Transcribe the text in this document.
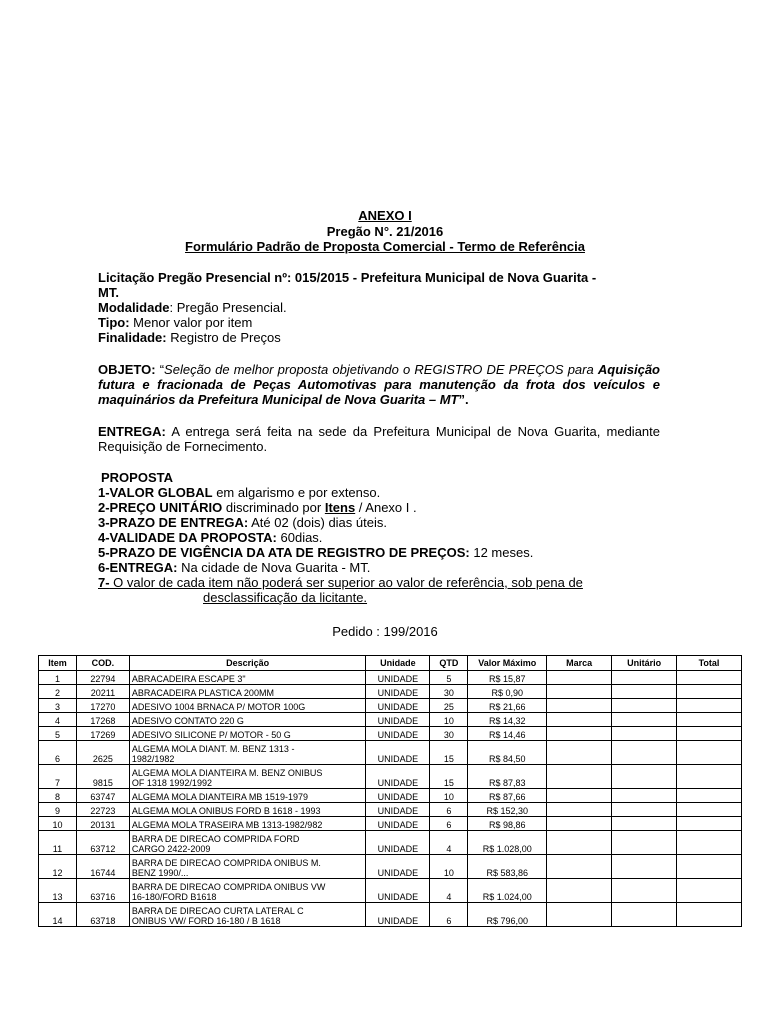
ANEXO I
Pregão N°. 21/2016
Formulário Padrão de Proposta Comercial - Termo de Referência
Licitação Pregão Presencial nº: 015/2015 - Prefeitura Municipal de Nova Guarita -
MT.
Modalidade: Pregão Presencial.
Tipo: Menor valor por item
Finalidade: Registro de Preços
OBJETO: “Seleção de melhor proposta objetivando o REGISTRO DE PREÇOS para Aquisição futura e fracionada de Peças Automotivas para manutenção da frota dos veículos e maquinários da Prefeitura Municipal de Nova Guarita – MT”.
ENTREGA: A entrega será feita na sede da Prefeitura Municipal de Nova Guarita, mediante Requisição de Fornecimento.
PROPOSTA
1-VALOR GLOBAL em algarismo e por extenso.
2-PREÇO UNITÁRIO discriminado por Itens / Anexo I .
3-PRAZO DE ENTREGA: Até 02 (dois) dias úteis.
4-VALIDADE DA PROPOSTA: 60dias.
5-PRAZO DE VIGÊNCIA DA ATA DE REGISTRO DE PREÇOS: 12 meses.
6-ENTREGA: Na cidade de Nova Guarita - MT.
7- O valor de cada item não poderá ser superior ao valor de referência, sob pena de
desclassificação da licitante.
Pedido : 199/2016
Item	COD.	Descrição	Unidade	QTD	Valor Máximo	Marca	Unitário	Total
1	22794	ABRACADEIRA ESCAPE 3"	UNIDADE	5	R$ 15,87			
2	20211	ABRACADEIRA PLASTICA 200MM	UNIDADE	30	R$ 0,90			
3	17270	ADESIVO 1004 BRNACA P/ MOTOR 100G	UNIDADE	25	R$ 21,66			
4	17268	ADESIVO CONTATO 220 G	UNIDADE	10	R$ 14,32			
5	17269	ADESIVO SILICONE P/ MOTOR - 50 G	UNIDADE	30	R$ 14,46			
6	2625	ALGEMA MOLA DIANT. M. BENZ 1313 -
1982/1982	UNIDADE	15	R$ 84,50			
7	9815	ALGEMA MOLA DIANTEIRA M. BENZ ONIBUS
OF 1318 1992/1992	UNIDADE	15	R$ 87,83			
8	63747	ALGEMA MOLA DIANTEIRA MB 1519-1979	UNIDADE	10	R$ 87,66			
9	22723	ALGEMA MOLA ONIBUS FORD B 1618 - 1993	UNIDADE	6	R$ 152,30			
10	20131	ALGEMA MOLA TRASEIRA MB 1313-1982/982	UNIDADE	6	R$ 98,86			
11	63712	BARRA DE DIRECAO COMPRIDA FORD
CARGO 2422-2009	UNIDADE	4	R$ 1.028,00			
12	16744	BARRA DE DIRECAO COMPRIDA ONIBUS M.
BENZ 1990/...	UNIDADE	10	R$ 583,86			
13	63716	BARRA DE DIRECAO COMPRIDA ONIBUS VW
16-180/FORD B1618	UNIDADE	4	R$ 1.024,00			
14	63718	BARRA DE DIRECAO CURTA LATERAL C
ONIBUS VW/ FORD 16-180 / B 1618	UNIDADE	6	R$ 796,00			
